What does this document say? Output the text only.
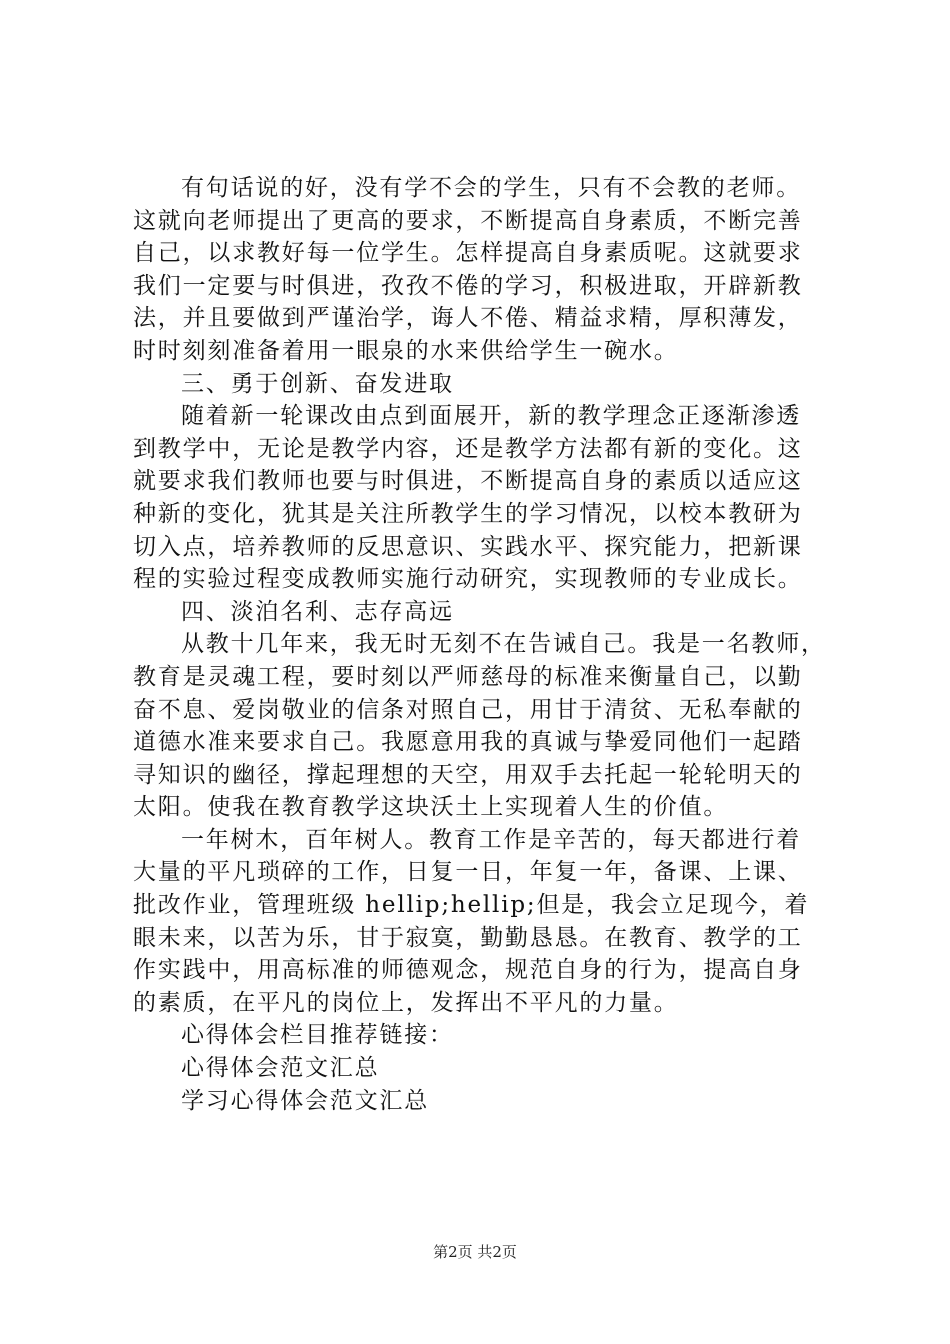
有句话说的好，没有学不会的学生，只有不会教的老师。
这就向老师提出了更高的要求，不断提高自身素质，不断完善
自己，以求教好每一位学生。怎样提高自身素质呢。这就要求
我们一定要与时俱进，孜孜不倦的学习，积极进取，开辟新教
法，并且要做到严谨治学，诲人不倦、精益求精，厚积薄发，
时时刻刻准备着用一眼泉的水来供给学生一碗水。
三、勇于创新、奋发进取
随着新一轮课改由点到面展开，新的教学理念正逐渐渗透
到教学中，无论是教学内容，还是教学方法都有新的变化。这
就要求我们教师也要与时俱进，不断提高自身的素质以适应这
种新的变化，犹其是关注所教学生的学习情况，以校本教研为
切入点，培养教师的反思意识、实践水平、探究能力，把新课
程的实验过程变成教师实施行动研究，实现教师的专业成长。
四、淡泊名利、志存高远
从教十几年来，我无时无刻不在告诫自己。我是一名教师，
教育是灵魂工程，要时刻以严师慈母的标准来衡量自己，以勤
奋不息、爱岗敬业的信条对照自己，用甘于清贫、无私奉献的
道德水准来要求自己。我愿意用我的真诚与挚爱同他们一起踏
寻知识的幽径，撑起理想的天空，用双手去托起一轮轮明天的
太阳。使我在教育教学这块沃土上实现着人生的价值。
一年树木，百年树人。教育工作是辛苦的，每天都进行着
大量的平凡琐碎的工作，日复一日，年复一年，备课、上课、
批改作业，管理班级 hellip;hellip;但是，我会立足现今，着
眼未来，以苦为乐，甘于寂寞，勤勤恳恳。在教育、教学的工
作实践中，用高标准的师德观念，规范自身的行为，提高自身
的素质，在平凡的岗位上，发挥出不平凡的力量。
心得体会栏目推荐链接：
心得体会范文汇总
学习心得体会范文汇总
第2页 共2页
